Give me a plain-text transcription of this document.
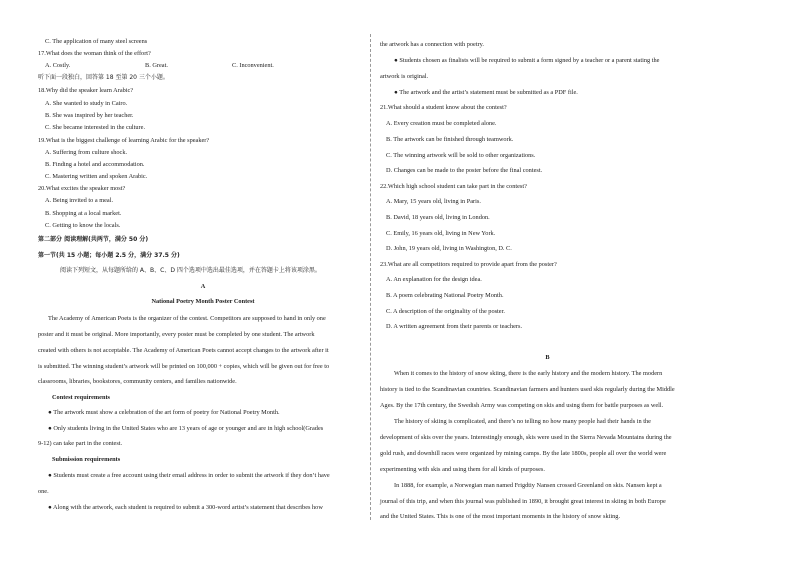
C. The application of many steel screens
17.What does the woman think of the effort?
A. Costly.	B. Great.	C. Inconvenient.
听下面一段独白，回答第 18 至第 20 三个小题。
18.Why did the speaker learn Arabic?
A. She wanted to study in Cairo.
B. She was inspired by her teacher.
C. She became interested in the culture.
19.What is the biggest challenge of learning Arabic for the speaker?
A. Suffering from culture shock.
B. Finding a hotel and accommodation.
C. Mastering written and spoken Arabic.
20.What excites the speaker most?
A. Being invited to a meal.
B. Shopping at a local market.
C. Getting to know the locals.
第二部分 阅读理解(共两节，满分 50 分)
第一节(共 15 小题；每小题 2.5 分，满分 37.5 分)
阅读下列短文，从每题所给的 A、B、C、D 四个选项中选出最佳选项，并在答题卡上将该项涂黑。
A
National Poetry Month Poster Contest
The Academy of American Poets is the organizer of the contest. Competitors are supposed to hand in only one
poster and it must be original. More importantly, every poster must be completed by one student. The artwork
created with others is not acceptable. The Academy of American Poets cannot accept changes to the artwork after it
is submitted. The winning student’s artwork will be printed on 100,000 + copies, which will be given out for free to
classrooms, libraries, bookstores, community centers, and families nationwide.
Contest requirements
● The artwork must show a celebration of the art form of poetry for National Poetry Month.
● Only students living in the United States who are 13 years of age or younger and are in high school(Grades
9-12) can take part in the contest.
Submission requirements
● Students must create a free account using their email address in order to submit the artwork if they don’t have
one.
● Along with the artwork, each student is required to submit a 300-word artist’s statement that describes how
the artwork has a connection with poetry.
● Students chosen as finalists will be required to submit a form signed by a teacher or a parent stating the
artwork is original.
● The artwork and the artist’s statement must be submitted as a PDF file.
21.What should a student know about the contest?
A. Every creation must be completed alone.
B. The artwork can be finished through teamwork.
C. The winning artwork will be sold to other organizations.
D. Changes can be made to the poster before the final contest.
22.Which high school student can take part in the contest?
A. Mary, 15 years old, living in Paris.
B. David, 18 years old, living in London.
C. Emily, 16 years old, living in New York.
D. John, 19 years old, living in Washington, D. C.
23.What are all competitors required to provide apart from the poster?
A. An explanation for the design idea.
B. A poem celebrating National Poetry Month.
C. A description of the originality of the poster.
D. A written agreement from their parents or teachers.
B
When it comes to the history of snow skiing, there is the early history and the modern history. The modern
history is tied to the Scandinavian countries. Scandinavian farmers and hunters used skis regularly during the Middle
Ages. By the 17th century, the Swedish Army was competing on skis and using them for battle purposes as well.
The history of skiing is complicated, and there’s no telling no how many people had their hands in the
development of skis over the years. Interestingly enough, skis were used in the Sierra Nevada Mountains during the
gold rush, and downhill races were organized by mining camps. By the late 1800s, people all over the world were
experimenting with skis and using them for all kinds of purposes.
In 1888, for example, a Norwegian man named Frigdtiy Nansen crossed Greenland on skis. Nansen kept a
journal of this trip, and when this journal was published in 1890, it brought great interest in skiing in both Europe
and the United States. This is one of the most important moments in the history of snow skiing.
